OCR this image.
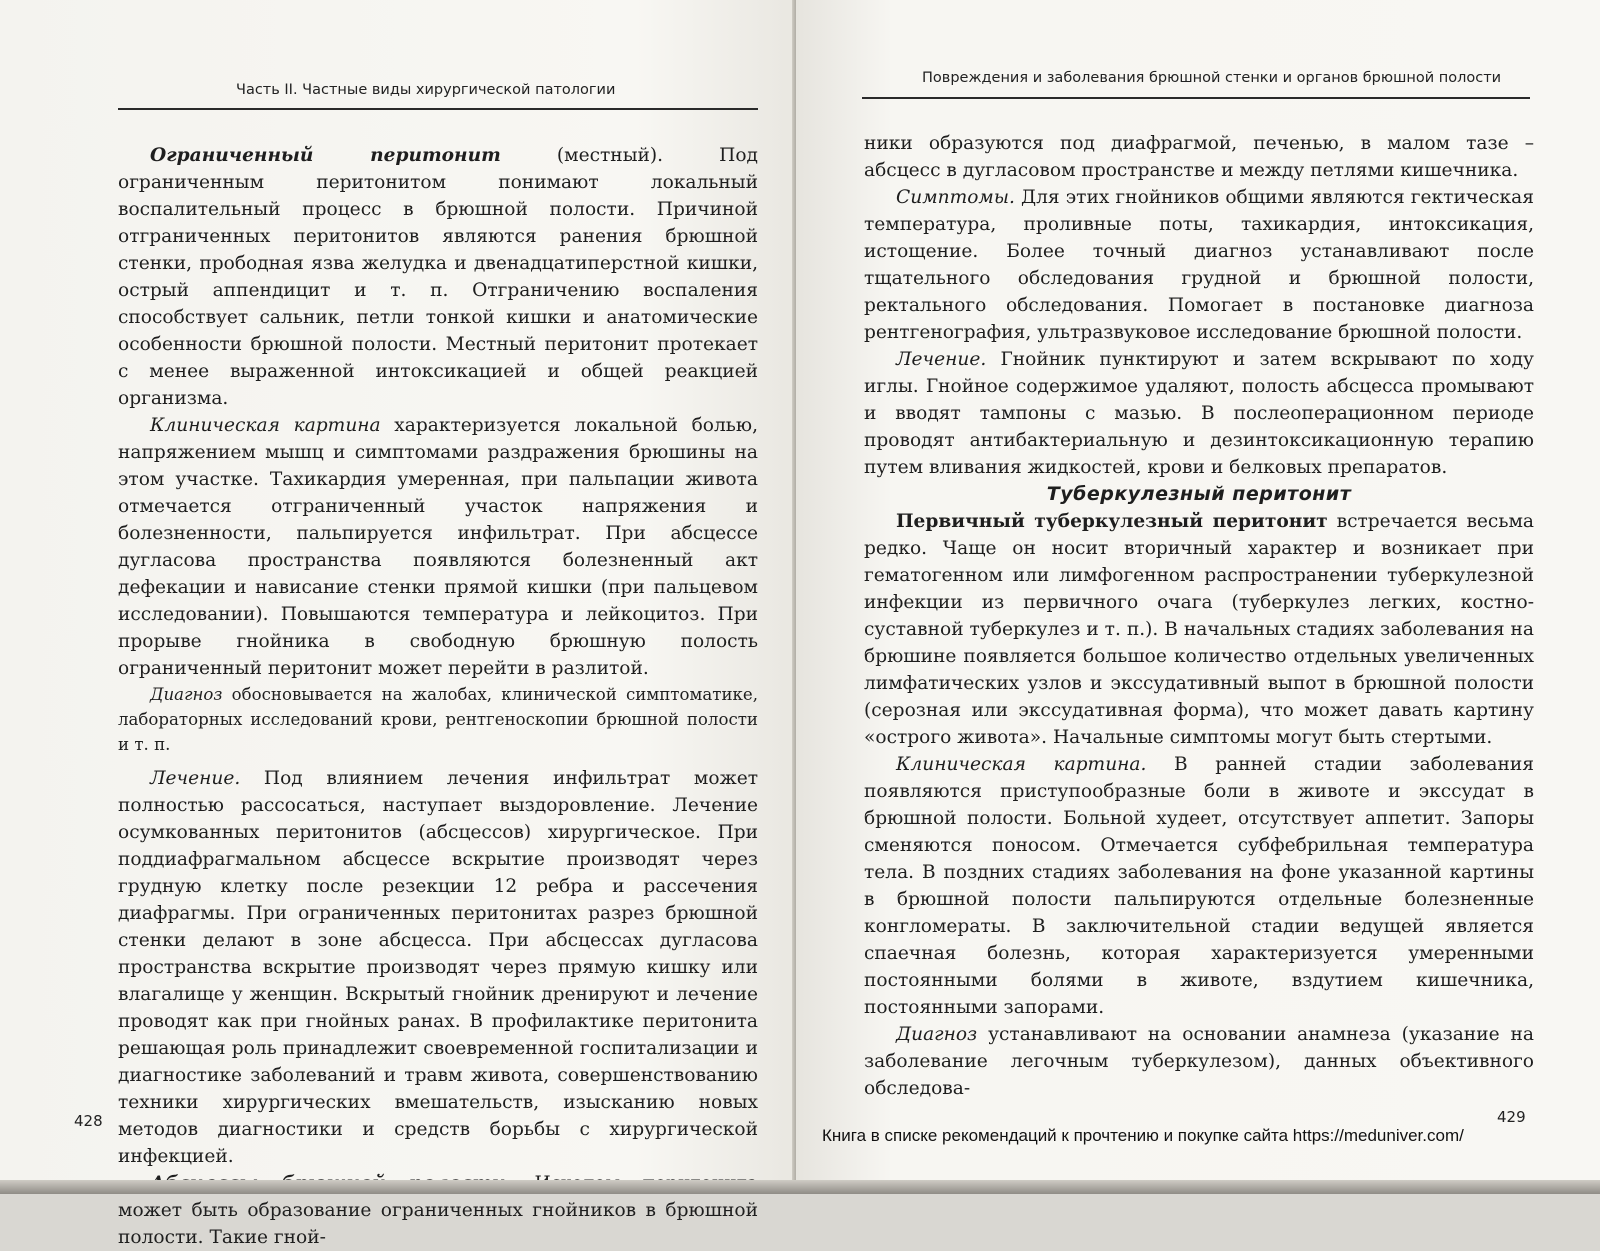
Часть II. Частные виды хирургической патологии

Ограниченный перитонит (местный). Под ограниченным перитонитом понимают локальный воспалительный процесс в брюшной полости. Причиной отграниченных перитонитов являются ранения брюшной стенки, прободная язва желудка и двенадцатиперстной кишки, острый аппендицит и т. п. Отграничению воспаления способствует сальник, петли тонкой кишки и анатомические особенности брюшной полости. Местный перитонит протекает с менее выраженной интоксикацией и общей реакцией организма.

Клиническая картина характеризуется локальной болью, напряжением мышц и симптомами раздражения брюшины на этом участке. Тахикардия умеренная, при пальпации живота отмечается отграниченный участок напряжения и болезненности, пальпируется инфильтрат. При абсцессе дугласова пространства появляются болезненный акт дефекации и нависание стенки прямой кишки (при пальцевом исследовании). Повышаются температура и лейкоцитоз. При прорыве гнойника в свободную брюшную полость ограниченный перитонит может перейти в разлитой.

Диагноз обосновывается на жалобах, клинической симптоматике, лабораторных исследований крови, рентгеноскопии брюшной полости и т. п.

Лечение. Под влиянием лечения инфильтрат может полностью рассосаться, наступает выздоровление. Лечение осумкованных перитонитов (абсцессов) хирургическое. При поддиафрагмальном абсцессе вскрытие производят через грудную клетку после резекции 12 ребра и рассечения диафрагмы. При ограниченных перитонитах разрез брюшной стенки делают в зоне абсцесса. При абсцессах дугласова пространства вскрытие производят через прямую кишку или влагалище у женщин. Вскрытый гнойник дренируют и лечение проводят как при гнойных ранах. В профилактике перитонита решающая роль принадлежит своевременной госпитализации и диагностике заболеваний и травм живота, совершенствованию техники хирургических вмешательств, изысканию новых методов диагностики и средств борьбы с хирургической инфекцией.

может быть образование ограниченных гнойников в брюшной полости. Такие гной-

428
Повреждения и заболевания брюшной стенки и органов брюшной полости

ники образуются под диафрагмой, печенью, в малом тазе – абсцесс в дугласовом пространстве и между петлями кишечника.

Симптомы. Для этих гнойников общими являются гектическая температура, проливные поты, тахикардия, интоксикация, истощение. Более точный диагноз устанавливают после тщательного обследования грудной и брюшной полости, ректального обследования. Помогает в постановке диагноза рентгенография, ультразвуковое исследование брюшной полости.

Лечение. Гнойник пунктируют и затем вскрывают по ходу иглы. Гнойное содержимое удаляют, полость абсцесса промывают и вводят тампоны с мазью. В послеоперационном периоде проводят антибактериальную и дезинтоксикационную терапию путем вливания жидкостей, крови и белковых препаратов.

Туберкулезный перитонит

Первичный туберкулезный перитонит встречается весьма редко. Чаще он носит вторичный характер и возникает при гематогенном или лимфогенном распространении туберкулезной инфекции из первичного очага (туберкулез легких, костно-суставной туберкулез и т. п.). В начальных стадиях заболевания на брюшине появляется большое количество отдельных увеличенных лимфатических узлов и экссудативный выпот в брюшной полости (серозная или экссудативная форма), что может давать картину «острого живота». Начальные симптомы могут быть стертыми.

Клиническая картина. В ранней стадии заболевания появляются приступообразные боли в животе и экссудат в брюшной полости. Больной худеет, отсутствует аппетит. Запоры сменяются поносом. Отмечается субфебрильная температура тела. В поздних стадиях заболевания на фоне указанной картины в брюшной полости пальпируются отдельные болезненные конгломераты. В заключительной стадии ведущей является спаечная болезнь, которая характеризуется умеренными постоянными болями в животе, вздутием кишечника, постоянными запорами.

Диагноз устанавливают на основании анамнеза (указание на заболевание легочным туберкулезом), данных объективного обследова-

429
Книга в списке рекомендаций к прочтению и покупке сайта https://meduniver.com/
